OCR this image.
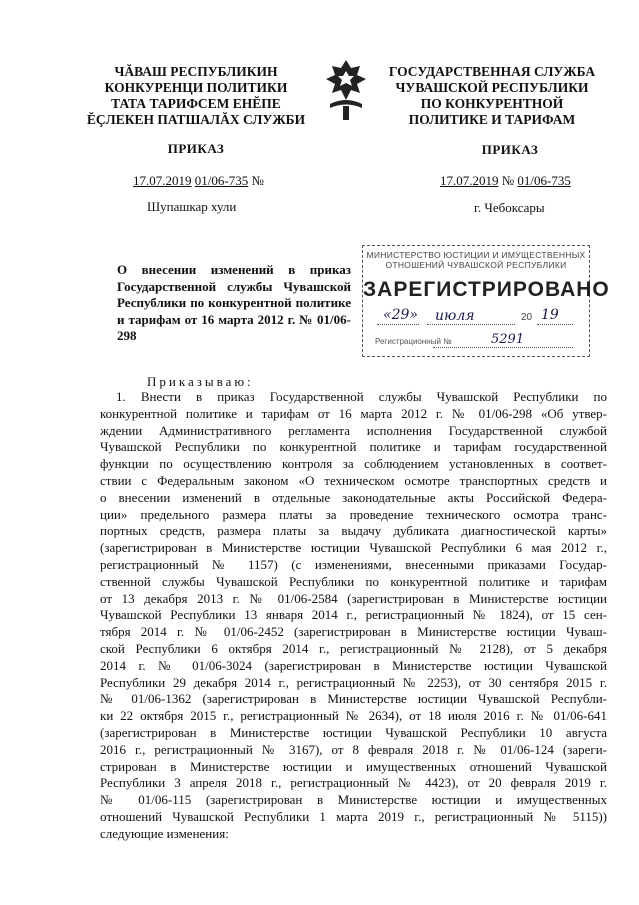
ЧĂВАШ РЕСПУБЛИКИН
КОНКУРЕНЦИ ПОЛИТИКИ
ТАТА ТАРИФСЕМ ЕНĔПЕ
ĔÇЛЕКЕН ПАТШАЛĂХ СЛУЖБИ
ГОСУДАРСТВЕННАЯ СЛУЖБА
ЧУВАШСКОЙ РЕСПУБЛИКИ
ПО КОНКУРЕНТНОЙ
ПОЛИТИКЕ И ТАРИФАМ
ПРИКАЗ	ПРИКАЗ
17.07.2019 01/06-735 №	17.07.2019 № 01/06-735
Шупашкар хули	г. Чебоксары
О внесении изменений в приказ Государственной службы Чувашской Республики по конкурентной политике и тарифам от 16 марта 2012 г. № 01/06-298
МИНИСТЕРСТВО ЮСТИЦИИ И ИМУЩЕСТВЕННЫХ
ОТНОШЕНИЙ ЧУВАШСКОЙ РЕСПУБЛИКИ
ЗАРЕГИСТРИРОВАНО
«29» июля	20 19
Регистрационный №	5291
Приказываю:

1. Внести в приказ Государственной службы Чувашской Республики по

конкурентной политике и тарифам от 16 марта 2012 г. № 01/06-298 «Об утвер-

ждении Административного регламента исполнения Государственной службой

Чувашской Республики по конкурентной политике и тарифам государственной

функции по осуществлению контроля за соблюдением установленных в соответ-

ствии с Федеральным законом «О техническом осмотре транспортных средств и

о внесении изменений в отдельные законодательные акты Российской Федера-

ции» предельного размера платы за проведение технического осмотра транс-

портных средств, размера платы за выдачу дубликата диагностической карты»

(зарегистрирован в Министерстве юстиции Чувашской Республики 6 мая 2012 г.,

регистрационный № 1157) (с изменениями, внесенными приказами Государ-

ственной службы Чувашской Республики по конкурентной политике и тарифам

от 13 декабря 2013 г. № 01/06-2584 (зарегистрирован в Министерстве юстиции

Чувашской Республики 13 января 2014 г., регистрационный № 1824), от 15 сен-

тября 2014 г. № 01/06-2452 (зарегистрирован в Министерстве юстиции Чуваш-

ской Республики 6 октября 2014 г., регистрационный № 2128), от 5 декабря

2014 г. № 01/06-3024 (зарегистрирован в Министерстве юстиции Чувашской

Республики 29 декабря 2014 г., регистрационный № 2253), от 30 сентября 2015 г.

№ 01/06-1362 (зарегистрирован в Министерстве юстиции Чувашской Республи-

ки 22 октября 2015 г., регистрационный № 2634), от 18 июля 2016 г. № 01/06-641

(зарегистрирован в Министерстве юстиции Чувашской Республики 10 августа

2016 г., регистрационный № 3167), от 8 февраля 2018 г. № 01/06-124 (зареги-

стрирован в Министерстве юстиции и имущественных отношений Чувашской

Республики 3 апреля 2018 г., регистрационный № 4423), от 20 февраля 2019 г.

№ 01/06-115 (зарегистрирован в Министерстве юстиции и имущественных

отношений Чувашской Республики 1 марта 2019 г., регистрационный № 5115))

следующие изменения:
